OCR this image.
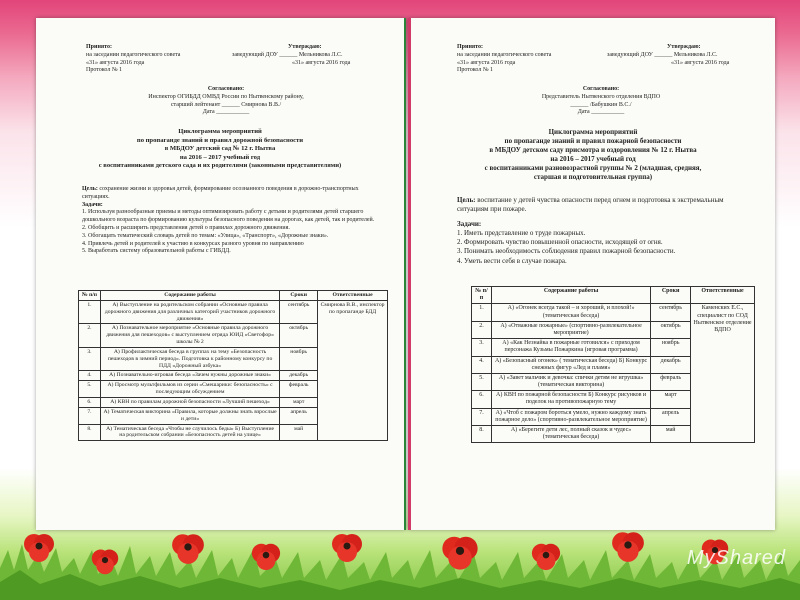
Принято:
на заседании педагогического совета
«31» августа 2016 года
Протокол № 1
Утверждаю:
заведующий ДОУ ______ Мельникова Л.С.
«31» августа 2016 года
Согласовано:
Инспектор ОГИБДД ОМВД России по Нытвенскому району,
старший лейтенант ______ Смирнова В.В./
Дата ___________
Циклограмма мероприятий
по пропаганде знаний и правил дорожной безопасности
в МБДОУ детский сад № 12 г. Нытва
на 2016 – 2017 учебный год
с воспитанниками детского сада и их родителями (законными представителями)
Цель: сохранение жизни и здоровья детей, формирование осознанного поведения в дорожно-транспортных ситуациях.
Задачи:
1. Используя разнообразные приемы и методы оптимизировать работу с детьми и родителями детей старшего дошкольного возраста по формированию культуры безопасного поведения на дорогах, как детей, так и родителей.
2. Обобщить и расширить представления детей о правилах дорожного движения.
3. Обогащать тематический словарь детей по темам: «Улица», «Транспорт», «Дорожные знаки».
4. Привлечь детей и родителей к участию в конкурсах разного уровня по направлению
5. Выработать систему образовательной работы с ГИБДД.
№ п/п	Содержание работы	Сроки	Ответственные
1.	А) Выступление на родительском собрании «Основные правила дорожного движения для различных категорий участников дорожного движения»	сентябрь	Смирнова В.В., инспектор по пропаганде БДД
2.	А) Познавательное мероприятие «Основные правила дорожного движения для пешеходов» с выступлением отряда ЮИД «Светофор» школы № 2	октябрь	
3.	А) Профилактическая беседа в группах на тему «Безопасность пешеходов в зимний период». Подготовка к районному конкурсу по ПДД «Дорожный азбука»	ноябрь	
4.	А) Познавательно-игровая беседа «Зачем нужны дорожные знаки»	декабрь	
5.	А) Просмотр мультфильмов из серии «Смешарики: безопасность» с последующим обсуждением	февраль	
6.	А) КВН по правилам дорожной безопасности «Лучший пешеход»	март	
7.	А) Тематическая викторина «Правила, которые должны знать взрослые и дети»	апрель	
8.	А) Тематическая беседа «Чтобы не случилось беды» Б) Выступление на родительском собрании «Безопасность детей на улице»	май	
Принято:
на заседании педагогического совета
«31» августа 2016 года
Протокол № 1
Утверждаю:
заведующий ДОУ ______ Мельникова Л.С.
«31» августа 2016 года
Согласовано:
Представитель Нытвенского отделения ВДПО
______ /Бабушкин В.С./
Дата ___________
Циклограмма мероприятий
по пропаганде знаний и правил пожарной безопасности
в МБДОУ детском саду присмотра и оздоровления № 12 г. Нытва
на 2016 – 2017 учебный год
с воспитанниками разновозрастной группы № 2 (младшая, средняя,
старшая и подготовительная группа)
Цель: воспитание у детей чувства опасности перед огнем и подготовка к экстремальным ситуациям при пожаре.
Задачи:
1. Иметь представление о труде пожарных.
2. Формировать чувство повышенной опасности, исходящей от огня.
3. Понимать необходимость соблюдения правил пожарной безопасности.
4. Уметь вести себя в случае пожара.
№ п/п	Содержание работы	Сроки	Ответственные
1.	А) «Огонек всегда такой – и хороший, и плохой!» (тематическая беседа)	сентябрь	Каменских Е.С., специалист по СОД Нытвенское отделение ВДПО
2.	А) «Отважные пожарные» (спортивно-развлекательное мероприятие)	октябрь	
3.	А) «Как Незнайка в пожарные готовился» с приходом персонажа Кузьмы Пожаркина (игровая программа)	ноябрь	
4.	А) «Безопасный огонек» ( тематическая беседа) Б) Конкурс снежных фигур «Лед и пламя»	декабрь	
5.	А) «Завет мальчик и девочка: спички детям не игрушка» (тематическая викторина)	февраль	
6.	А) КВН по пожарной безопасности Б) Конкурс рисунков и поделок на противопожарную тему	март	
7.	А) «Чтоб с пожаром бороться умело, нужно каждому знать пожарное дело» (спортивно-развлекательное мероприятие)	апрель	
8.	А) «Берегите дети лес, полный сказок и чудес» (тематическая беседа)	май	
MyShared
